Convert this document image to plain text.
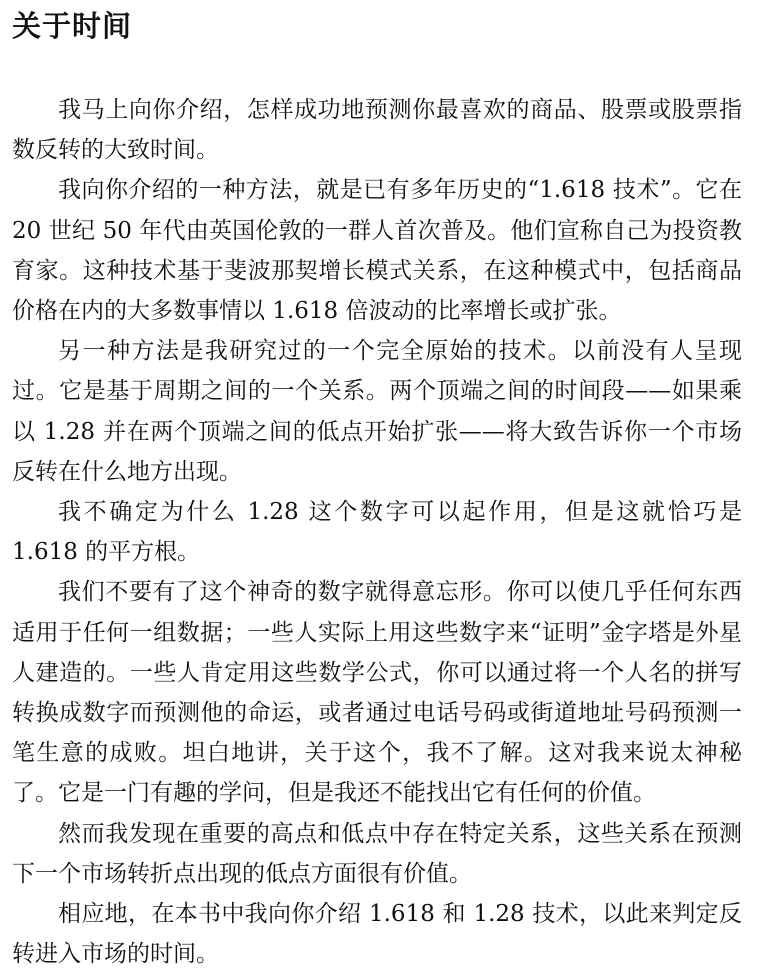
关于时间

我马上向你介绍，怎样成功地预测你最喜欢的商品、股票或股票指数反转的大致时间。

我向你介绍的一种方法，就是已有多年历史的“1.618 技术”。它在 20 世纪 50 年代由英国伦敦的一群人首次普及。他们宣称自己为投资教育家。这种技术基于斐波那契增长模式关系，在这种模式中，包括商品价格在内的大多数事情以 1.618 倍波动的比率增长或扩张。

另一种方法是我研究过的一个完全原始的技术。以前没有人呈现过。它是基于周期之间的一个关系。两个顶端之间的时间段——如果乘以 1.28 并在两个顶端之间的低点开始扩张——将大致告诉你一个市场反转在什么地方出现。

我不确定为什么 1.28 这个数字可以起作用，但是这就恰巧是 1.618 的平方根。

我们不要有了这个神奇的数字就得意忘形。你可以使几乎任何东西适用于任何一组数据；一些人实际上用这些数字来“证明”金字塔是外星人建造的。一些人肯定用这些数学公式，你可以通过将一个人名的拼写转换成数字而预测他的命运，或者通过电话号码或街道地址号码预测一笔生意的成败。坦白地讲，关于这个，我不了解。这对我来说太神秘了。它是一门有趣的学问，但是我还不能找出它有任何的价值。

然而我发现在重要的高点和低点中存在特定关系，这些关系在预测下一个市场转折点出现的低点方面很有价值。

相应地，在本书中我向你介绍 1.618 和 1.28 技术，以此来判定反转进入市场的时间。
